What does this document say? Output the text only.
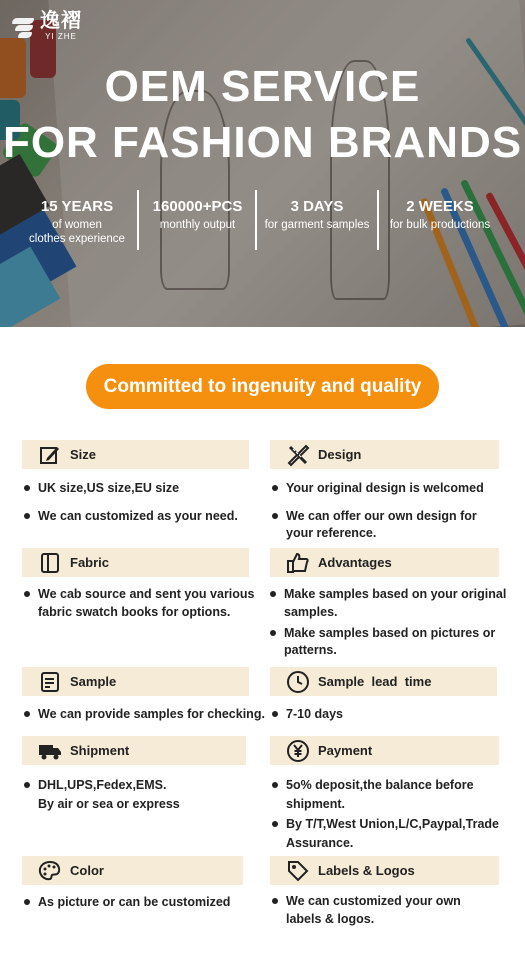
逸褶
YI ZHE
OEM SERVICE
FOR FASHION BRANDS
15 YEARS
of women
clothes experience
160000+PCS
monthly output
3 DAYS
for garment samples
2 WEEKS
for bulk productions
Committed to ingenuity and quality
Size
UK size,US size,EU size
We can customized as your need.
Design
Your original design is welcomed
We can offer our own design for
your reference.
Fabric
We cab source and sent you various
fabric swatch books for options.
Advantages
Make samples based on your original
samples.
Make samples based on pictures or
patterns.
Sample
We can provide samples for checking.
Sample  lead  time
7-10 days
Shipment
DHL,UPS,Fedex,EMS.
By air or sea or express
Payment
5o% deposit,the balance before
shipment.
By T/T,West Union,L/C,Paypal,Trade
Assurance.
Color
As picture or can be customized
Labels & Logos
We can customized your own
labels & logos.
